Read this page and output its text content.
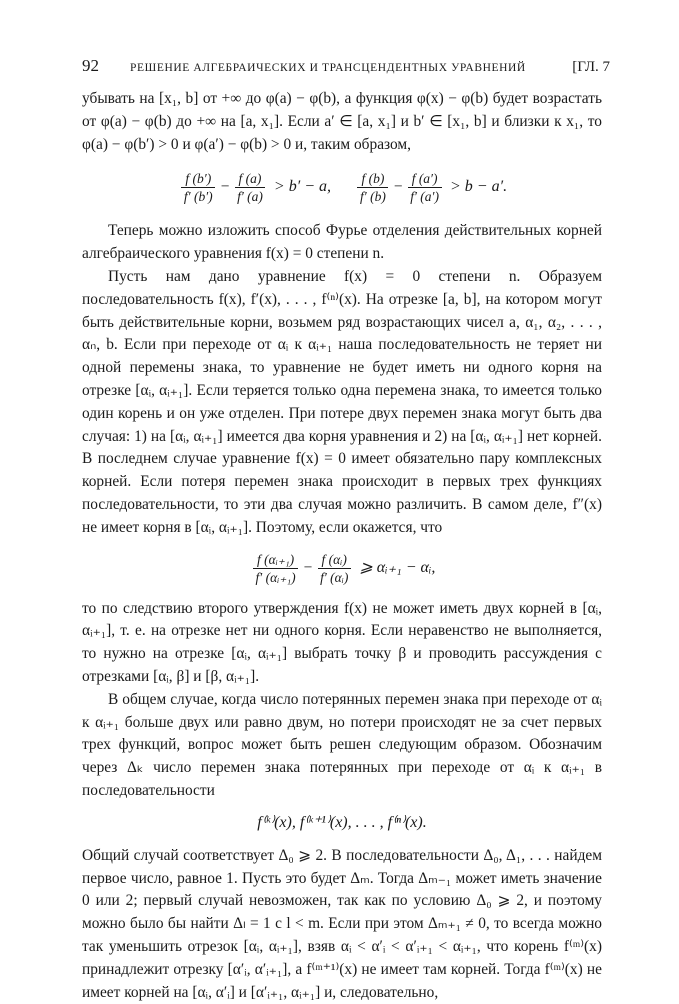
92	РЕШЕНИЕ АЛГЕБРАИЧЕСКИХ И ТРАНСЦЕНДЕНТНЫХ УРАВНЕНИЙ	[ГЛ. 7

убывать на [x₁, b] от +∞ до φ(a) − φ(b), а функция φ(x) − φ(b) будет возрастать от φ(a) − φ(b) до +∞ на [a, x₁]. Если a′ ∈ [a, x₁] и b′ ∈ [x₁, b] и близки к x₁, то φ(a) − φ(b′) > 0 и φ(a′) − φ(b) > 0 и, таким образом,

$\frac{f (b')}{f' (b')} - \frac{f (a)}{f' (a)} > b' - a$, $\frac{f (b)}{f' (b)} - \frac{f (a')}{f' (a')} > b - a'$.

Теперь можно изложить способ Фурье отделения действительных корней алгебраического уравнения f(x) = 0 степени n.

Пусть нам дано уравнение f(x) = 0 степени n. Образуем последовательность f(x), f′(x), . . . , f⁽ⁿ⁾(x). На отрезке [a, b], на котором могут быть действительные корни, возьмем ряд возрастающих чисел a, α₁, α₂, . . . , αₙ, b. Если при переходе от αᵢ к αᵢ₊₁ наша последовательность не теряет ни одной перемены знака, то уравнение не будет иметь ни одного корня на отрезке [αᵢ, αᵢ₊₁]. Если теряется только одна перемена знака, то имеется только один корень и он уже отделен. При потере двух перемен знака могут быть два случая: 1) на [αᵢ, αᵢ₊₁] имеется два корня уравнения и 2) на [αᵢ, αᵢ₊₁] нет корней. В последнем случае уравнение f(x) = 0 имеет обязательно пару комплексных корней. Если потеря перемен знака происходит в первых трех функциях последовательности, то эти два случая можно различить. В самом деле, f″(x) не имеет корня в [αᵢ, αᵢ₊₁]. Поэтому, если окажется, что

$\frac{\text{f (αᵢ₊₁)}}{\text{f′ (αᵢ₊₁)}} - \frac{\text{f (αᵢ)}}{\text{f′ (αᵢ)}}$ ⩾ αᵢ₊₁ − αᵢ,

то по следствию второго утверждения f(x) не может иметь двух корней в [αᵢ, αᵢ₊₁], т. е. на отрезке нет ни одного корня. Если неравенство не выполняется, то нужно на отрезке [αᵢ, αᵢ₊₁] выбрать точку β и проводить рассуждения с отрезками [αᵢ, β] и [β, αᵢ₊₁].

В общем случае, когда число потерянных перемен знака при переходе от αᵢ к αᵢ₊₁ больше двух или равно двум, но потери происходят не за счет первых трех функций, вопрос может быть решен следующим образом. Обозначим через Δₖ число перемен знака потерянных при переходе от αᵢ к αᵢ₊₁ в последовательности

f⁽ᵏ⁾(x), f⁽ᵏ⁺¹⁾(x), . . . , f⁽ⁿ⁾(x).

Общий случай соответствует Δ₀ ⩾ 2. В последовательности Δ₀, Δ₁, . . . найдем первое число, равное 1. Пусть это будет Δₘ. Тогда Δₘ₋₁ может иметь значение 0 или 2; первый случай невозможен, так как по условию Δ₀ ⩾ 2, и поэтому можно было бы найти Δₗ = 1 с l < m. Если при этом Δₘ₊₁ ≠ 0, то всегда можно так уменьшить отрезок [αᵢ, αᵢ₊₁], взяв αᵢ < α′ᵢ < α′ᵢ₊₁ < αᵢ₊₁, что корень f⁽ᵐ⁾(x) принадлежит отрезку [α′ᵢ, α′ᵢ₊₁], а f⁽ᵐ⁺¹⁾(x) не имеет там корней. Тогда f⁽ᵐ⁾(x) не имеет корней на [αᵢ, α′ᵢ] и [α′ᵢ₊₁, αᵢ₊₁] и, следовательно,
